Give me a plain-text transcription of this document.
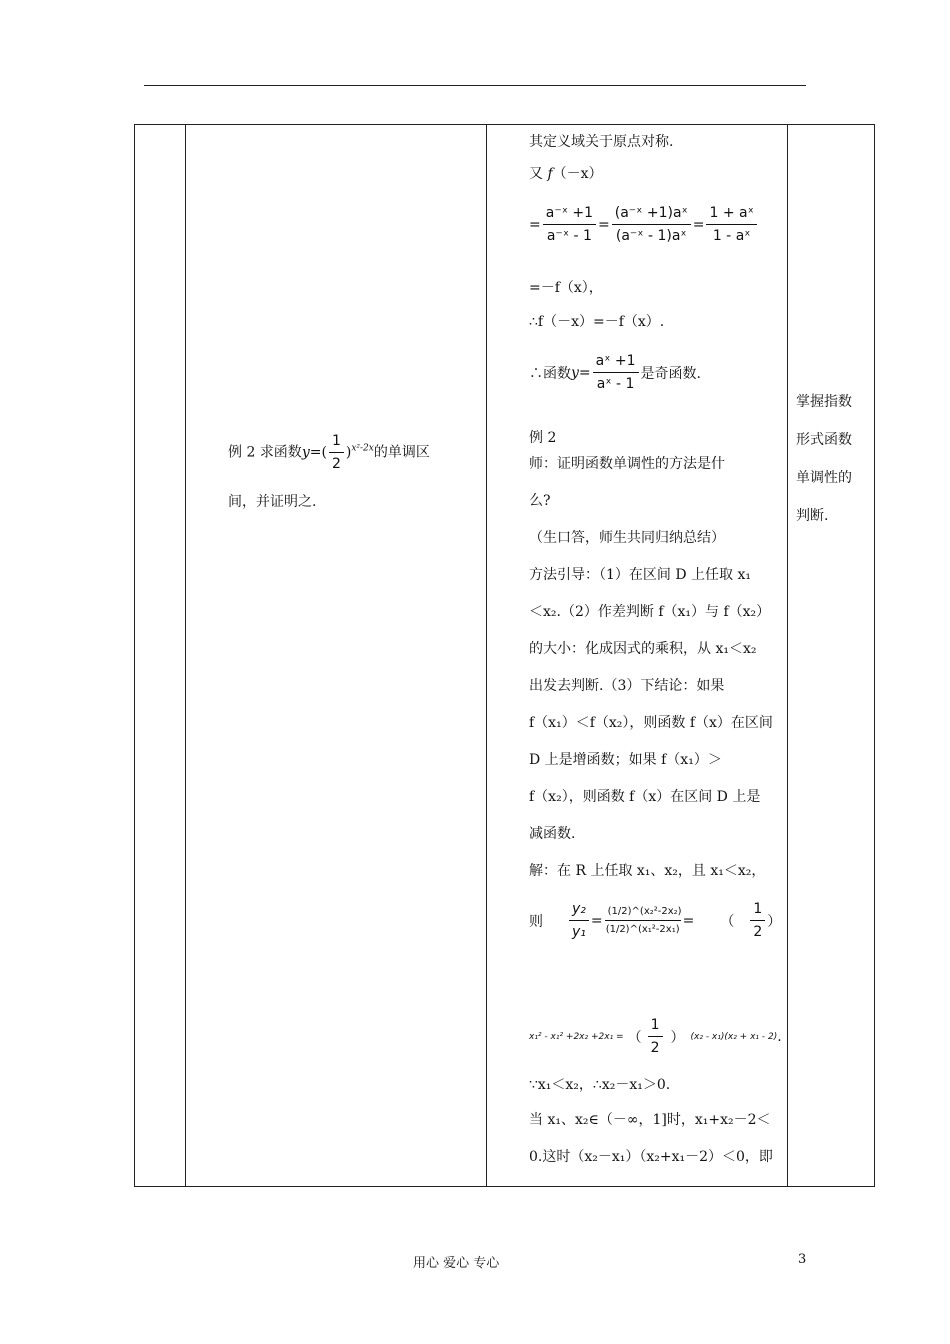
例 2 求函数$y=( \frac{1}{2} )^{x^2-2x}$的单调区
间，并证明之.

其定义域关于原点对称.
又 f（－x）
= $\frac{\text{a⁻ˣ +1}}{\text{a⁻ˣ - 1}} = \frac{\text{(a⁻ˣ +1)aˣ}}{\text{(a⁻ˣ - 1)aˣ}} = \frac{\text{1 + aˣ}}{\text{1 - aˣ}}$
=－f（x），
∴f（－x）=－f（x）.
∴函数 $y= \frac{\text{aˣ +1}}{\text{aˣ - 1}}$ 是奇函数.
例 2
师：证明函数单调性的方法是什
么?
（生口答，师生共同归纳总结）
方法引导：（1）在区间 D 上任取 x₁
＜x₂.（2）作差判断 f（x₁）与 f（x₂）
的大小：化成因式的乘积，从 x₁＜x₂
出发去判断.（3）下结论：如果
f（x₁）＜f（x₂），则函数 f（x）在区间
D 上是增函数；如果 f（x₁）＞
f（x₂），则函数 f（x）在区间 D 上是
减函数.
解：在 R 上任取 x₁、x₂，且 x₁＜x₂，
则 $\frac{\text{y₂}}{\text{y₁}} = \frac{\text{(1/2)\textasciicircum{}(x₂²-2x₂)}}{\text{(1/2)\textasciicircum{}(x₁²-2x₁)}}$ = （ $\frac{1}{2}$ ）
x₁² - x₁² +2x₂ +2x₁ = （ $\frac{1}{2}$ ） (x₂ - x₁)(x₂ + x₁ - 2) .
∵x₁＜x₂，∴x₂－x₁＞0.
当 x₁、x₂∈（－∞，1]时，x₁+x₂－2＜
0.这时（x₂－x₁）（x₂+x₁－2）＜0，即

掌握指数
形式函数
单调性的
判断.
用心 爱心 专心	3
